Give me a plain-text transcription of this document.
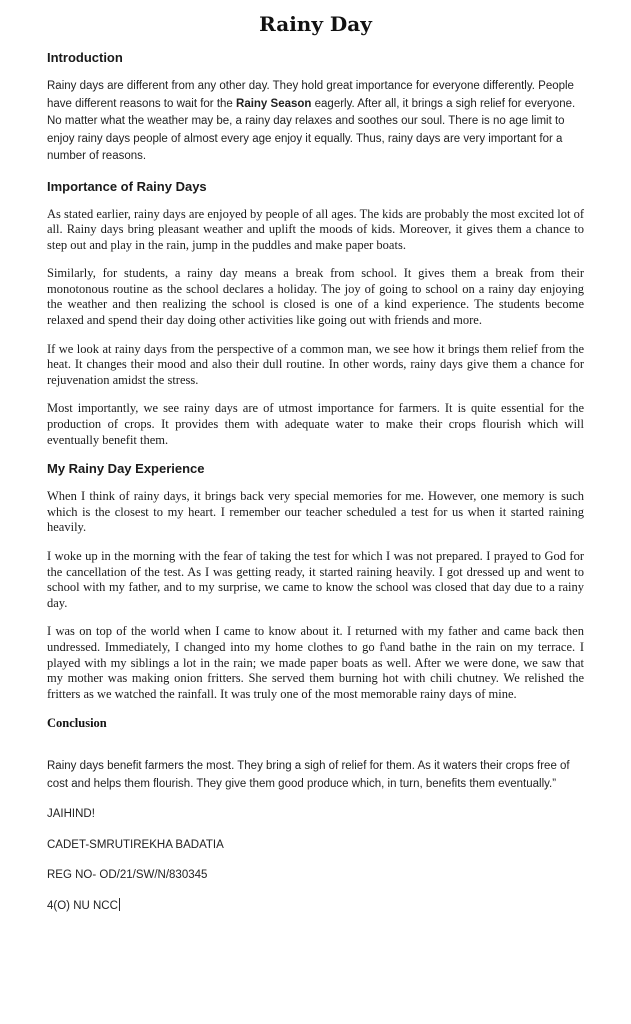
Rainy Day
Introduction

Rainy days are different from any other day. They hold great importance for everyone differently. People have different reasons to wait for the Rainy Season eagerly. After all, it brings a sigh relief for everyone. No matter what the weather may be, a rainy day relaxes and soothes our soul. There is no age limit to enjoy rainy days people of almost every age enjoy it equally. Thus, rainy days are very important for a number of reasons.

Importance of Rainy Days

As stated earlier, rainy days are enjoyed by people of all ages. The kids are probably the most excited lot of all. Rainy days bring pleasant weather and uplift the moods of kids. Moreover, it gives them a chance to step out and play in the rain, jump in the puddles and make paper boats.

Similarly, for students, a rainy day means a break from school. It gives them a break from their monotonous routine as the school declares a holiday. The joy of going to school on a rainy day enjoying the weather and then realizing the school is closed is one of a kind experience. The students become relaxed and spend their day doing other activities like going out with friends and more.

If we look at rainy days from the perspective of a common man, we see how it brings them relief from the heat. It changes their mood and also their dull routine. In other words, rainy days give them a chance for rejuvenation amidst the stress.

Most importantly, we see rainy days are of utmost importance for farmers. It is quite essential for the production of crops. It provides them with adequate water to make their crops flourish which will eventually benefit them.

My Rainy Day Experience

When I think of rainy days, it brings back very special memories for me. However, one memory is such which is the closest to my heart. I remember our teacher scheduled a test for us when it started raining heavily.

I woke up in the morning with the fear of taking the test for which I was not prepared. I prayed to God for the cancellation of the test. As I was getting ready, it started raining heavily. I got dressed up and went to school with my father, and to my surprise, we came to know the school was closed that day due to a rainy day.

I was on top of the world when I came to know about it. I returned with my father and came back then undressed. Immediately, I changed into my home clothes to go f\and bathe in the rain on my terrace. I played with my siblings a lot in the rain; we made paper boats as well. After we were done, we saw that my mother was making onion fritters. She served them burning hot with chili chutney. We relished the fritters as we watched the rainfall. It was truly one of the most memorable rainy days of mine.

Conclusion

Rainy days benefit farmers the most. They bring a sigh of relief for them. As it waters their crops free of cost and helps them flourish. They give them good produce which, in turn, benefits them eventually.”

JAIHIND!

CADET-SMRUTIREKHA BADATIA

REG NO- OD/21/SW/N/830345

4(O) NU NCC
